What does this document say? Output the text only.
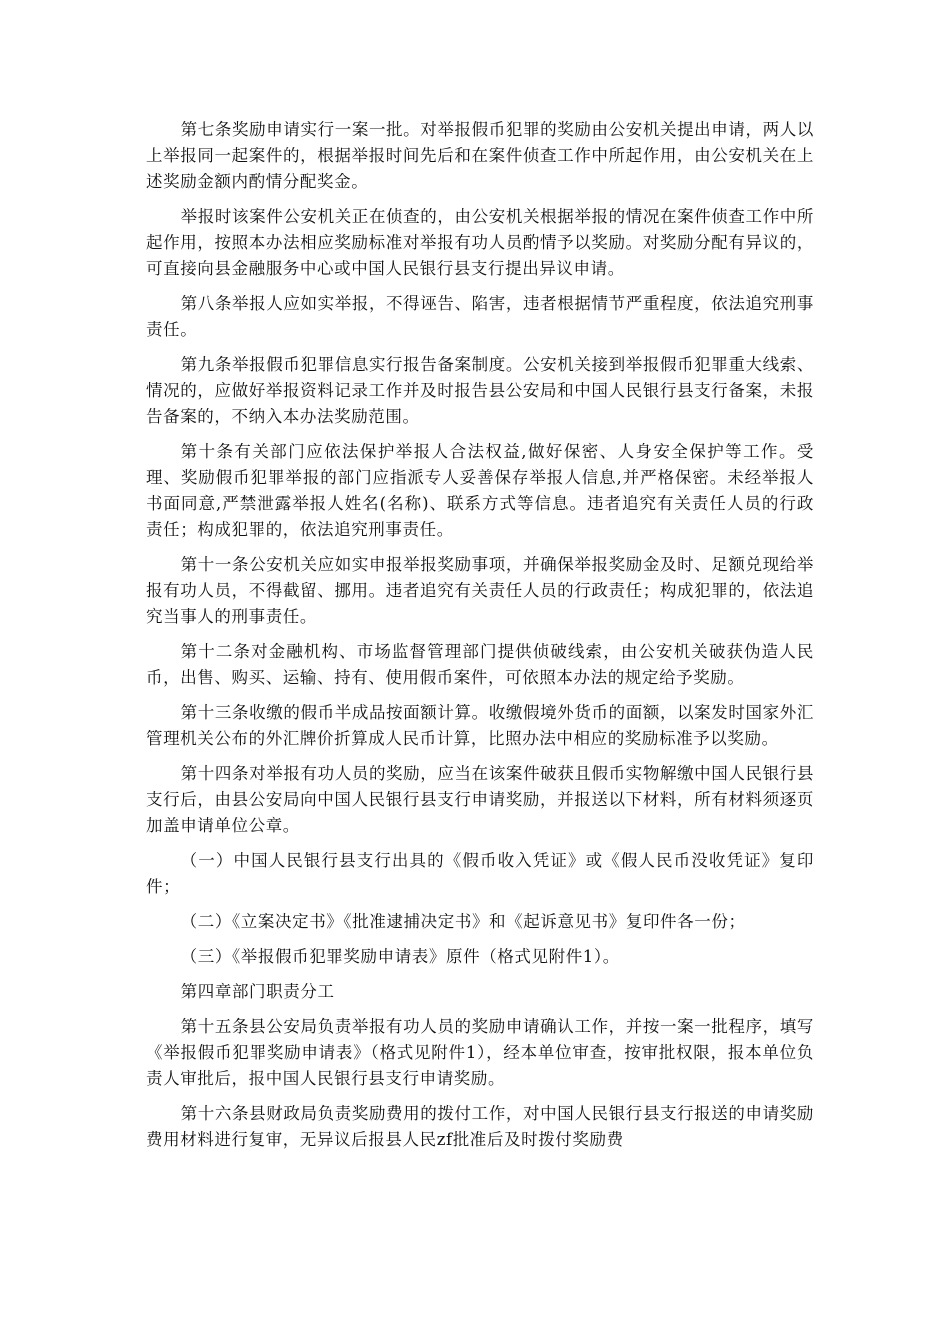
第七条奖励申请实行一案一批。对举报假币犯罪的奖励由公安机关提出申请，两人以上举报同一起案件的，根据举报时间先后和在案件侦查工作中所起作用，由公安机关在上述奖励金额内酌情分配奖金。

举报时该案件公安机关正在侦查的，由公安机关根据举报的情况在案件侦查工作中所起作用，按照本办法相应奖励标准对举报有功人员酌情予以奖励。对奖励分配有异议的，可直接向县金融服务中心或中国人民银行县支行提出异议申请。

第八条举报人应如实举报，不得诬告、陷害，违者根据情节严重程度，依法追究刑事责任。

第九条举报假币犯罪信息实行报告备案制度。公安机关接到举报假币犯罪重大线索、情况的，应做好举报资料记录工作并及时报告县公安局和中国人民银行县支行备案，未报告备案的，不纳入本办法奖励范围。

第十条有关部门应依法保护举报人合法权益,做好保密、人身安全保护等工作。受理、奖励假币犯罪举报的部门应指派专人妥善保存举报人信息,并严格保密。未经举报人书面同意,严禁泄露举报人姓名(名称)、联系方式等信息。违者追究有关责任人员的行政责任；构成犯罪的，依法追究刑事责任。

第十一条公安机关应如实申报举报奖励事项，并确保举报奖励金及时、足额兑现给举报有功人员，不得截留、挪用。违者追究有关责任人员的行政责任；构成犯罪的，依法追究当事人的刑事责任。

第十二条对金融机构、市场监督管理部门提供侦破线索，由公安机关破获伪造人民币，出售、购买、运输、持有、使用假币案件，可依照本办法的规定给予奖励。

第十三条收缴的假币半成品按面额计算。收缴假境外货币的面额，以案发时国家外汇管理机关公布的外汇牌价折算成人民币计算，比照办法中相应的奖励标准予以奖励。

第十四条对举报有功人员的奖励，应当在该案件破获且假币实物解缴中国人民银行县支行后，由县公安局向中国人民银行县支行申请奖励，并报送以下材料，所有材料须逐页加盖申请单位公章。

（一）中国人民银行县支行出具的《假币收入凭证》或《假人民币没收凭证》复印件；

（二）《立案决定书》《批准逮捕决定书》和《起诉意见书》复印件各一份；

（三）《举报假币犯罪奖励申请表》原件（格式见附件1）。

第四章部门职责分工

第十五条县公安局负责举报有功人员的奖励申请确认工作，并按一案一批程序，填写《举报假币犯罪奖励申请表》（格式见附件1），经本单位审查，按审批权限，报本单位负责人审批后，报中国人民银行县支行申请奖励。

第十六条县财政局负责奖励费用的拨付工作，对中国人民银行县支行报送的申请奖励费用材料进行复审，无异议后报县人民zf批准后及时拨付奖励费
